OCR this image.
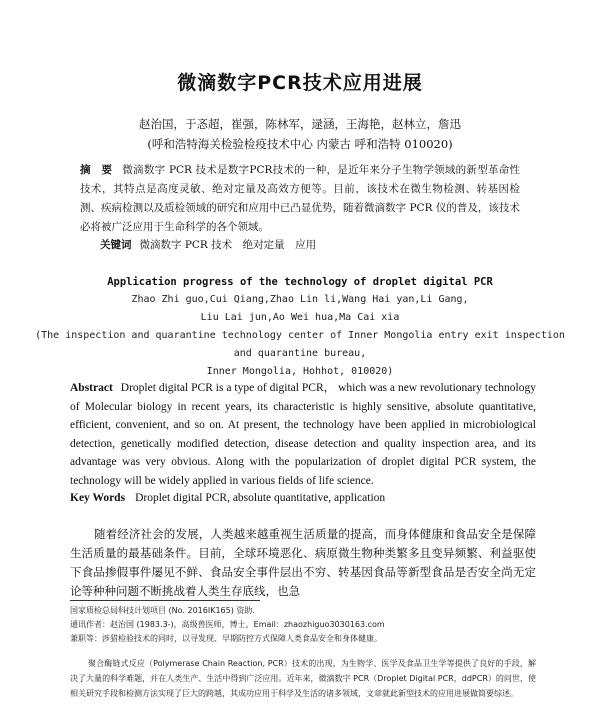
微滴数字PCR技术应用进展
赵治国，于忞超，崔强，陈林军，逯涵，王海艳，赵林立，詹迅
(呼和浩特海关检验检疫技术中心 内蒙古 呼和浩特 010020)
摘　要 微滴数字 PCR 技术是数字PCR技术的一种，是近年来分子生物学领域的新型革命性技术，其特点是高度灵敏、绝对定量及高效方便等。目前，该技术在微生物检测、转基因检测、疾病检测以及质检领域的研究和应用中已凸显优势，随着微滴数字 PCR 仪的普及，该技术必将被广泛应用于生命科学的各个领域。
关键词 微滴数字 PCR 技术　绝对定量　应用
Application progress of the technology of droplet digital PCR
Zhao Zhi guo,Cui Qiang,Zhao Lin li,Wang Hai yan,Li Gang,
Liu Lai jun,Ao Wei hua,Ma Cai xia
(The inspection and quarantine technology center of Inner Mongolia entry exit inspection
and quarantine bureau,
Inner Mongolia, Hohhot, 010020)
Abstract Droplet digital PCR is a type of digital PCR， which was a new revolutionary technology of Molecular biology in recent years, its characteristic is highly sensitive, absolute quantitative, efficient, convenient, and so on. At present, the technology have been applied in microbiological detection, genetically modified detection, disease detection and quality inspection area, and its advantage was very obvious. Along with the popularization of droplet digital PCR system, the technology will be widely applied in various fields of life science.
Key Words Droplet digital PCR, absolute quantitative, application
随着经济社会的发展，人类越来越重视生活质量的提高，而身体健康和食品安全是保障生活质量的最基础条件。目前，全球环境恶化、病原微生物种类繁多且变异频繁、利益驱使下食品掺假事件屡见不鲜、食品安全事件层出不穷、转基因食品等新型食品是否安全尚无定论等种种问题不断挑战着人类生存底线，也急
国家质检总局科技计划项目 (No. 2016IK165) 资助.
通讯作者：赵治国 (1983.3-)，高级兽医师，博士，Email：zhaozhiguo3030163.com
兼职等：涉猎检验技术的同时，以寻发现、早期防控方式保障人类食品安全和身体健康。
聚合酶链式反应（Polymerase Chain Reaction, PCR）技术的出现，为生物学、医学及食品卫生学等提供了良好的手段，解决了大量的科学难题，并在人类生产、生活中得到广泛应用。近年来，微滴数字 PCR（Droplet Digital PCR，ddPCR）的问世，使相关研究手段和检测方法实现了巨大的跨越，其成功应用于科学及生活的诸多领域，文章就此新型技术的应用进展做简要综述。
